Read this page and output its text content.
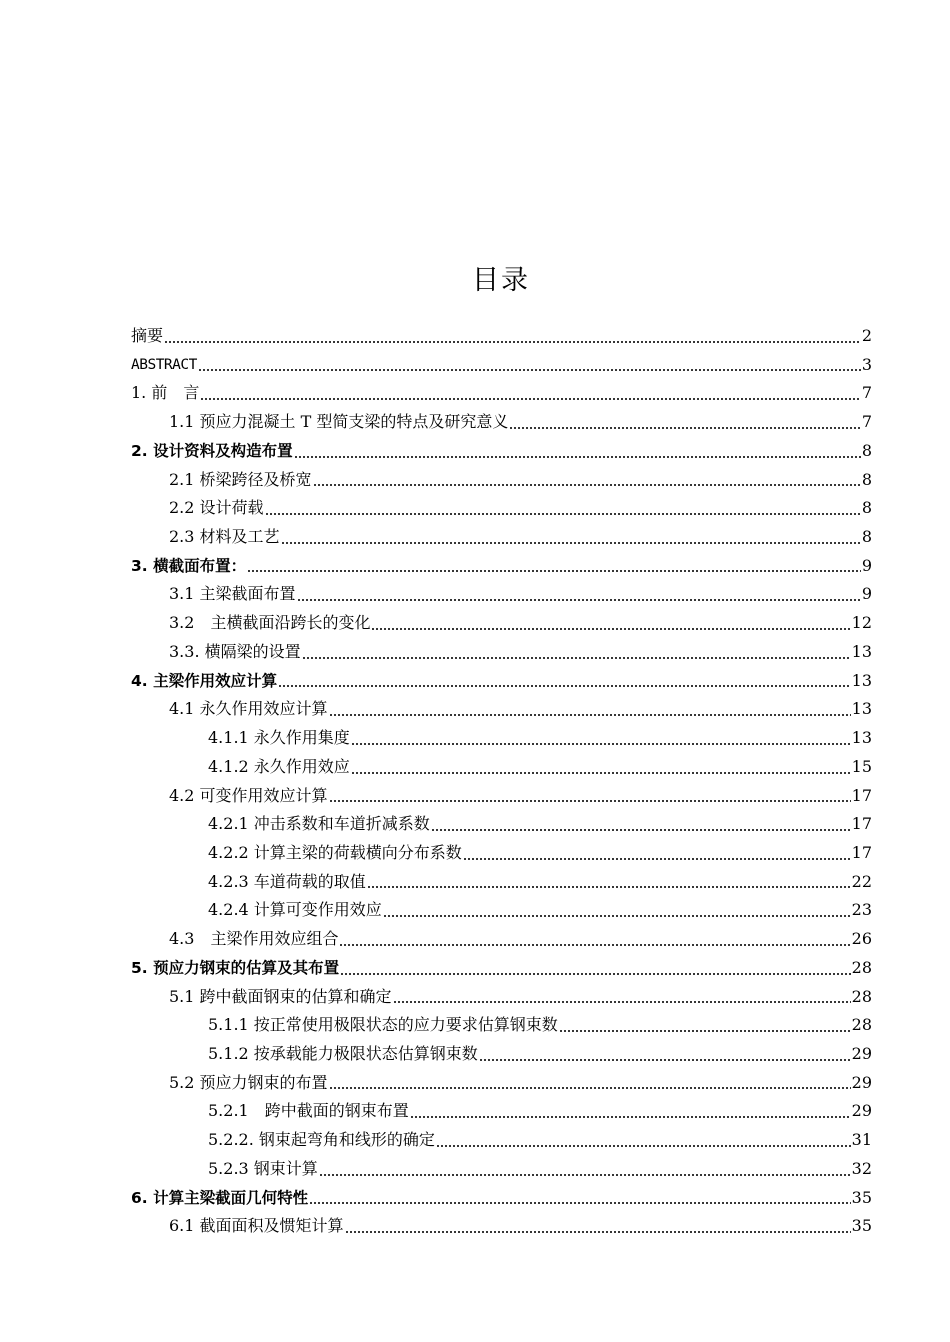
目录
摘要	2
ABSTRACT	3
1. 前　言	7
1.1 预应力混凝土 T 型简支梁的特点及研究意义	7
2. 设计资料及构造布置	8
2.1 桥梁跨径及桥宽	8
2.2 设计荷载	8
2.3 材料及工艺	8
3. 横截面布置：	9
3.1 主梁截面布置	9
3.2　主横截面沿跨长的变化	12
3.3. 横隔梁的设置	13
4. 主梁作用效应计算	13
4.1 永久作用效应计算	13
4.1.1 永久作用集度	13
4.1.2 永久作用效应	15
4.2 可变作用效应计算	17
4.2.1 冲击系数和车道折减系数	17
4.2.2 计算主梁的荷载横向分布系数	17
4.2.3 车道荷载的取值	22
4.2.4 计算可变作用效应	23
4.3　主梁作用效应组合	26
5. 预应力钢束的估算及其布置	28
5.1 跨中截面钢束的估算和确定	28
5.1.1 按正常使用极限状态的应力要求估算钢束数	28
5.1.2 按承载能力极限状态估算钢束数	29
5.2 预应力钢束的布置	29
5.2.1　跨中截面的钢束布置	29
5.2.2. 钢束起弯角和线形的确定	31
5.2.3 钢束计算	32
6. 计算主梁截面几何特性	35
6.1 截面面积及惯矩计算	35
